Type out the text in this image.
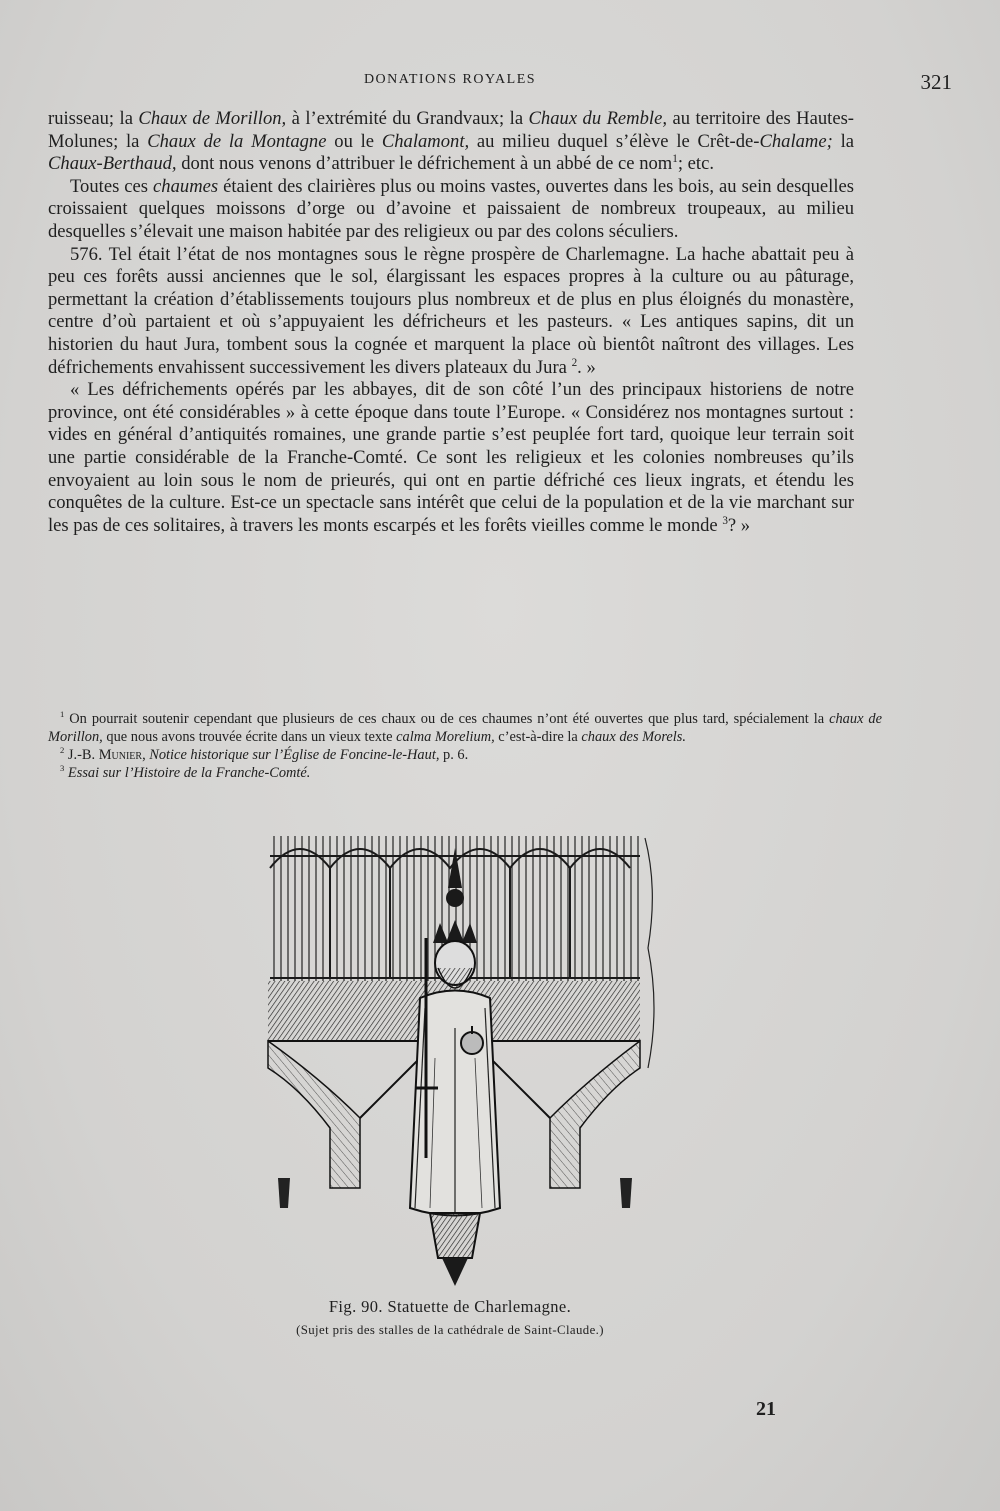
DONATIONS ROYALES	321

ruisseau; la Chaux de Morillon, à l’extrémité du Grandvaux; la Chaux du Remble, au territoire des Hautes-Molunes; la Chaux de la Montagne ou le Chalamont, au milieu duquel s’élève le Crêt-de-Chalame; la Chaux-Berthaud, dont nous venons d’attribuer le défrichement à un abbé de ce nom$^1$; etc.

Toutes ces chaumes étaient des clairières plus ou moins vastes, ouvertes dans les bois, au sein desquelles croissaient quelques moissons d’orge ou d’avoine et paissaient de nombreux troupeaux, au milieu desquelles s’élevait une maison habitée par des religieux ou par des colons séculiers.

576. Tel était l’état de nos montagnes sous le règne prospère de Charlemagne. La hache abattait peu à peu ces forêts aussi anciennes que le sol, élargissant les espaces propres à la culture ou au pâturage, permettant la création d’établissements toujours plus nombreux et de plus en plus éloignés du monastère, centre d’où partaient et où s’appuyaient les défricheurs et les pasteurs. « Les antiques sapins, dit un historien du haut Jura, tombent sous la cognée et marquent la place où bientôt naîtront des villages. Les défrichements envahissent successivement les divers plateaux du Jura $^2$. »

« Les défrichements opérés par les abbayes, dit de son côté l’un des principaux historiens de notre province, ont été considérables » à cette époque dans toute l’Europe. « Considérez nos montagnes surtout : vides en général d’antiquités romaines, une grande partie s’est peuplée fort tard, quoique leur terrain soit une partie considérable de la Franche-Comté. Ce sont les religieux et les colonies nombreuses qu’ils envoyaient au loin sous le nom de prieurés, qui ont en partie défriché ces lieux ingrats, et étendu les conquêtes de la culture. Est-ce un spectacle sans intérêt que celui de la population et de la vie marchant sur les pas de ces solitaires, à travers les monts escarpés et les forêts vieilles comme le monde $^3$? »

$^1$ On pourrait soutenir cependant que plusieurs de ces chaux ou de ces chaumes n’ont été ouvertes que plus tard, spécialement la chaux de Morillon, que nous avons trouvée écrite dans un vieux texte calma Morelium, c’est-à-dire la chaux des Morels.

$^2$ J.-B. Munier, Notice historique sur l’Église de Foncine-le-Haut, p. 6.

$^3$ Essai sur l’Histoire de la Franche-Comté.

Fig. 90. Statuette de Charlemagne.
(Sujet pris des stalles de la cathédrale de Saint-Claude.)
21
